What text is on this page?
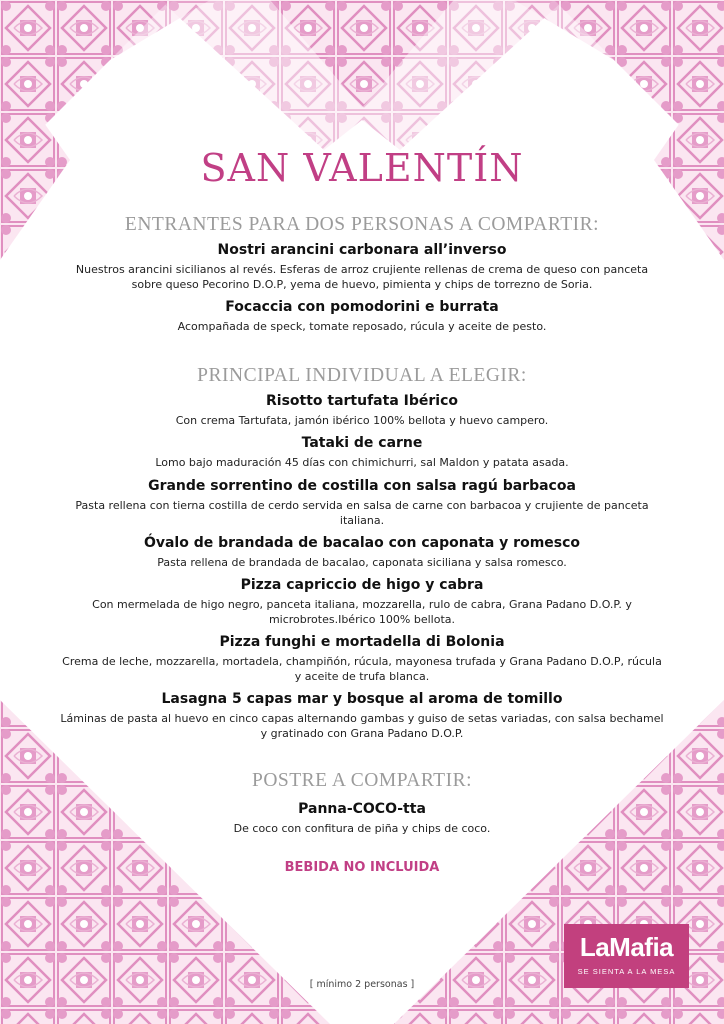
SAN VALENTÍN
ENTRANTES PARA DOS PERSONAS A COMPARTIR:
Nostri arancini carbonara all’inverso
Nuestros arancini sicilianos al revés. Esferas de arroz crujiente rellenas de crema de queso con panceta sobre queso Pecorino D.O.P, yema de huevo, pimienta y chips de torrezno de Soria.
Focaccia con pomodorini e burrata
Acompañada de speck, tomate reposado, rúcula y aceite de pesto.
PRINCIPAL INDIVIDUAL A ELEGIR:
Risotto tartufata Ibérico
Con crema Tartufata, jamón ibérico 100% bellota y huevo campero.
Tataki de carne
Lomo bajo maduración 45 días con chimichurri, sal Maldon y patata asada.
Grande sorrentino de costilla con salsa ragú barbacoa
Pasta rellena con tierna costilla de cerdo servida en salsa de carne con barbacoa y crujiente de panceta italiana.
Óvalo de brandada de bacalao con caponata y romesco
Pasta rellena de brandada de bacalao, caponata siciliana y salsa romesco.
Pizza capriccio de higo y cabra
Con mermelada de higo negro, panceta italiana, mozzarella, rulo de cabra, Grana Padano D.O.P. y microbrotes.Ibérico 100% bellota.
Pizza funghi e mortadella di Bolonia
Crema de leche, mozzarella, mortadela, champiñón, rúcula, mayonesa trufada y Grana Padano D.O.P, rúcula y aceite de trufa blanca.
Lasagna 5 capas mar y bosque al aroma de tomillo
Láminas de pasta al huevo en cinco capas alternando gambas y guiso de setas variadas, con salsa bechamel y gratinado con Grana Padano D.O.P.
POSTRE A COMPARTIR:
Panna-COCO-tta
De coco con confitura de piña y chips de coco.
BEBIDA NO INCLUIDA
[ mínimo 2 personas ]
LaMafia
SE SIENTA A LA MESA
